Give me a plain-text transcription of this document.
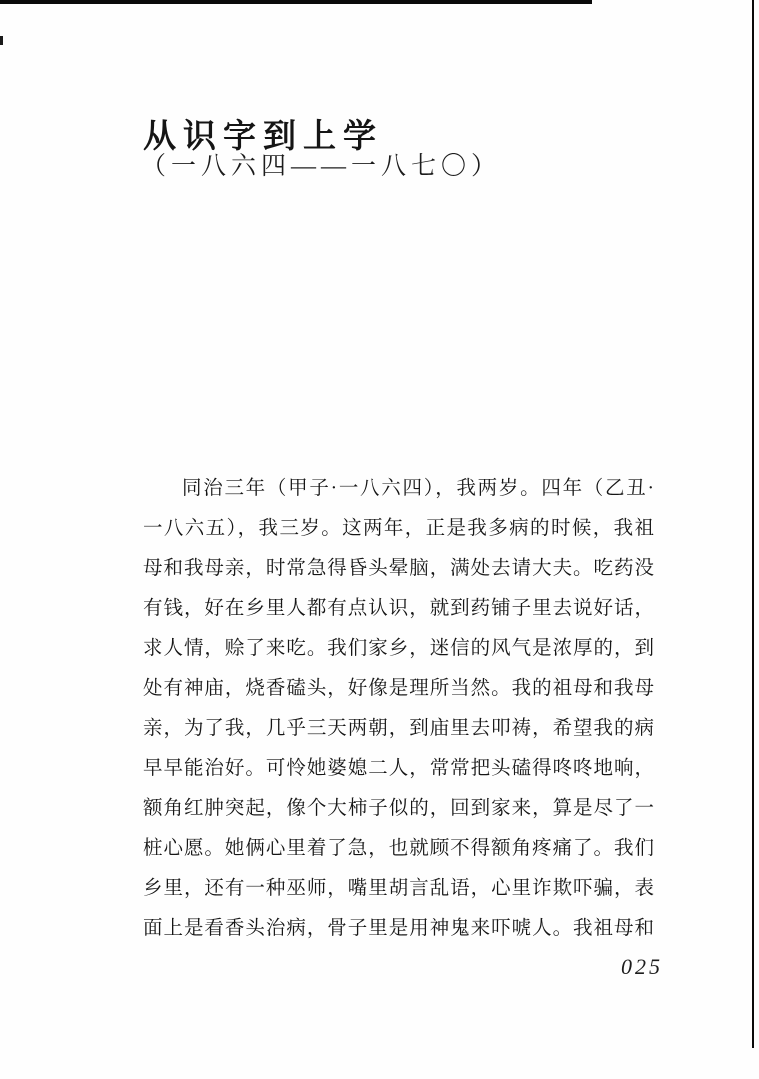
从识字到上学
（一八六四——一八七〇）
同治三年（甲子·一八六四），我两岁。四年（乙丑·
一八六五），我三岁。这两年，正是我多病的时候，我祖
母和我母亲，时常急得昏头晕脑，满处去请大夫。吃药没
有钱，好在乡里人都有点认识，就到药铺子里去说好话，
求人情，赊了来吃。我们家乡，迷信的风气是浓厚的，到
处有神庙，烧香磕头，好像是理所当然。我的祖母和我母
亲，为了我，几乎三天两朝，到庙里去叩祷，希望我的病
早早能治好。可怜她婆媳二人，常常把头磕得咚咚地响，
额角红肿突起，像个大柿子似的，回到家来，算是尽了一
桩心愿。她俩心里着了急，也就顾不得额角疼痛了。我们
乡里，还有一种巫师，嘴里胡言乱语，心里诈欺吓骗，表
面上是看香头治病，骨子里是用神鬼来吓唬人。我祖母和
025
